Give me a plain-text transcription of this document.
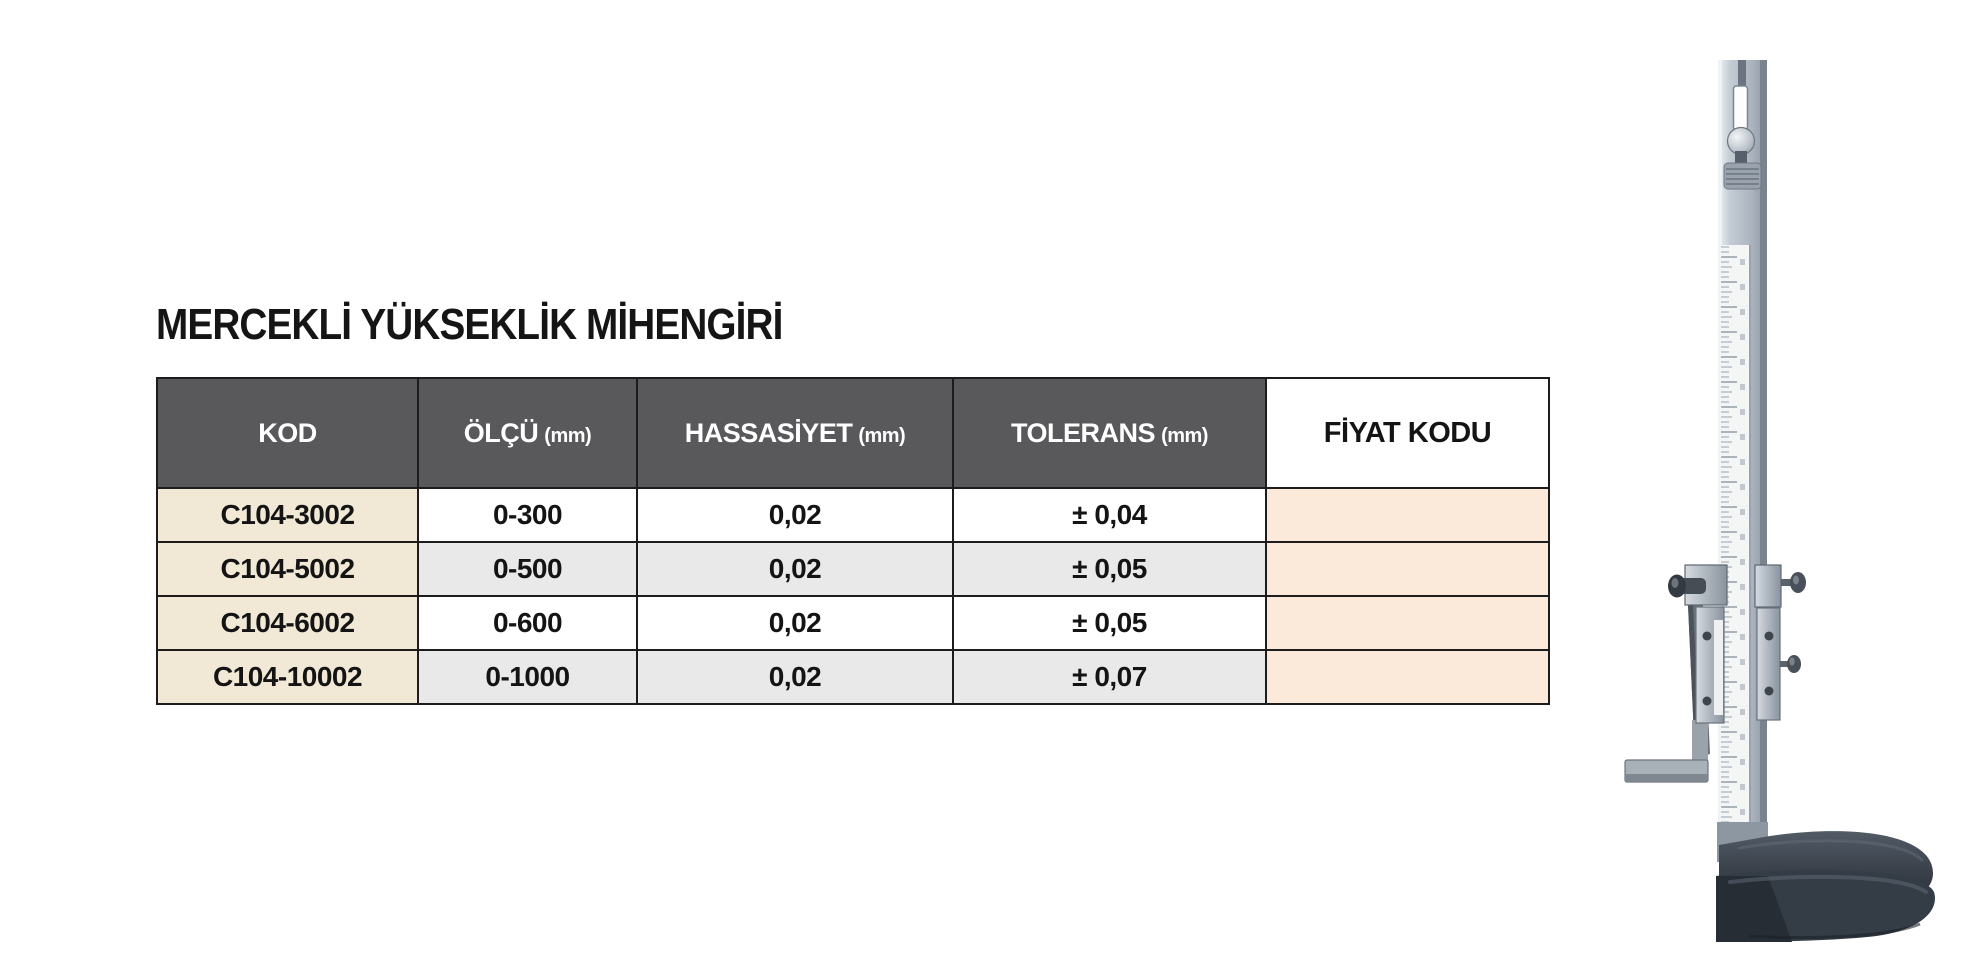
MERCEKLİ YÜKSEKLİK MİHENGİRİ
KOD	ÖLÇÜ (mm)	HASSASİYET (mm)	TOLERANS (mm)	FİYAT KODU
C104-3002	0-300	0,02	± 0,04	
C104-5002	0-500	0,02	± 0,05	
C104-6002	0-600	0,02	± 0,05	
C104-10002	0-1000	0,02	± 0,07	
